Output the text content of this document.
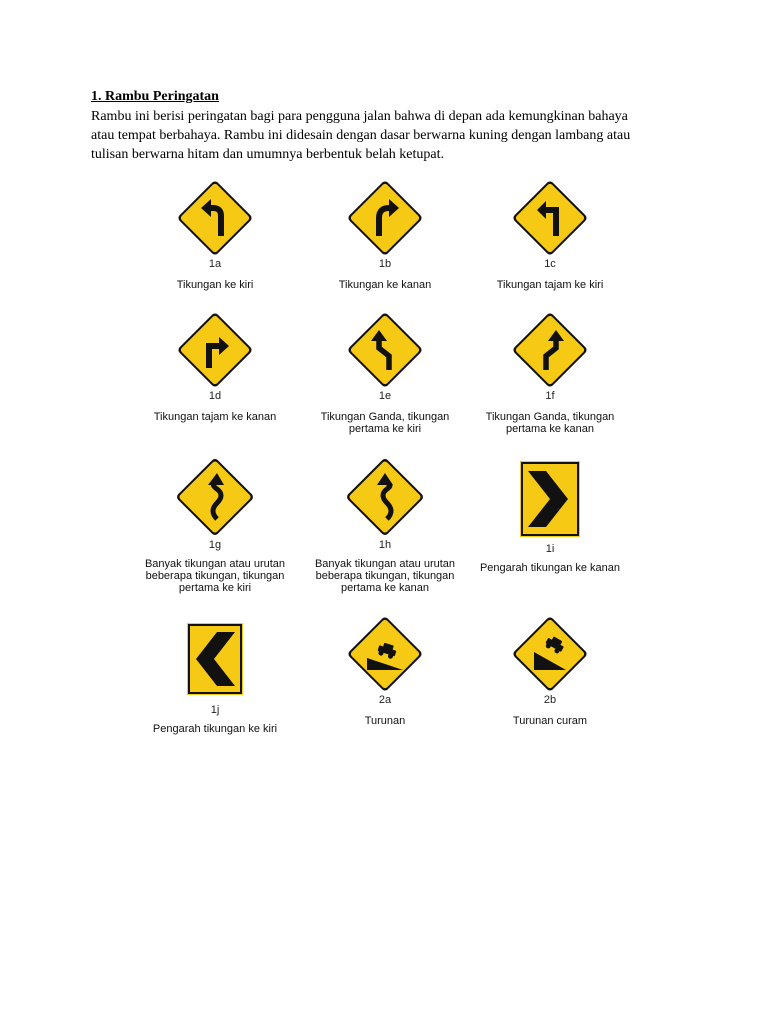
1. Rambu Peringatan
Rambu ini berisi peringatan bagi para pengguna jalan bahwa di depan ada kemungkinan bahaya
atau tempat berbahaya. Rambu ini didesain dengan dasar berwarna kuning dengan lambang atau
tulisan berwarna hitam dan umumnya berbentuk belah ketupat.
1a
Tikungan ke kiri
1b
Tikungan ke kanan
1c
Tikungan tajam ke kiri
1d
Tikungan tajam ke kanan
1e
Tikungan Ganda, tikungan
pertama ke kiri
1f
Tikungan Ganda, tikungan
pertama ke kanan
1g
Banyak tikungan atau urutan
beberapa tikungan, tikungan
pertama ke kiri
1h
Banyak tikungan atau urutan
beberapa tikungan, tikungan
pertama ke kanan
1i
Pengarah tikungan ke kanan
1j
Pengarah tikungan ke kiri
2a
Turunan
2b
Turunan curam
